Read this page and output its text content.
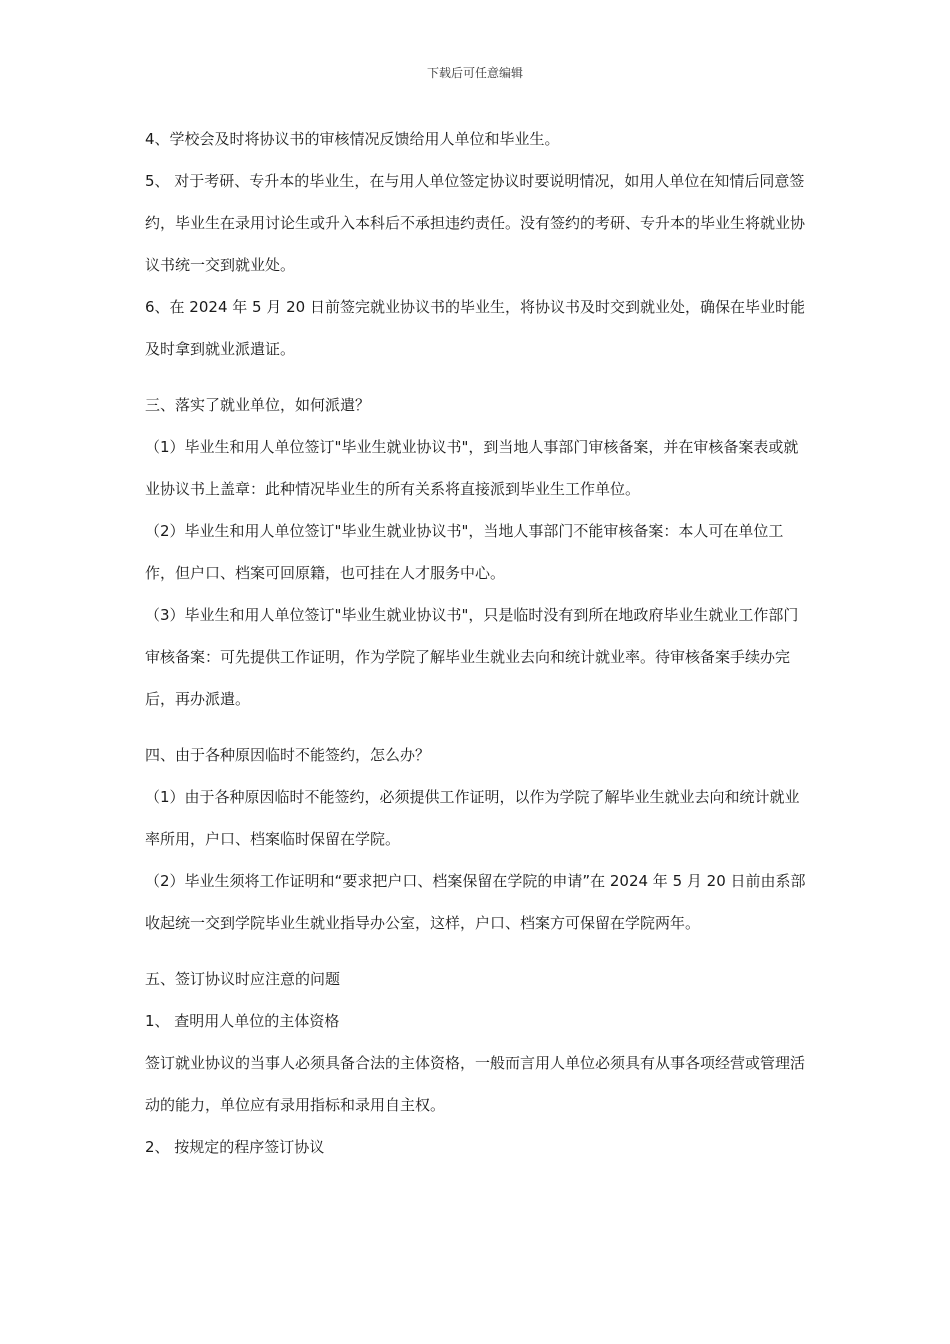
下载后可任意编辑

4、学校会及时将协议书的审核情况反馈给用人单位和毕业生。

5、 对于考研、专升本的毕业生，在与用人单位签定协议时要说明情况，如用人单位在知情后同意签约，毕业生在录用讨论生或升入本科后不承担违约责任。没有签约的考研、专升本的毕业生将就业协议书统一交到就业处。

6、在 2024 年 5 月 20 日前签完就业协议书的毕业生，将协议书及时交到就业处，确保在毕业时能及时拿到就业派遣证。

三、落实了就业单位，如何派遣？

（1）毕业生和用人单位签订"毕业生就业协议书"，到当地人事部门审核备案，并在审核备案表或就业协议书上盖章：此种情况毕业生的所有关系将直接派到毕业生工作单位。

（2）毕业生和用人单位签订"毕业生就业协议书"，当地人事部门不能审核备案：本人可在单位工作，但户口、档案可回原籍，也可挂在人才服务中心。

（3）毕业生和用人单位签订"毕业生就业协议书"，只是临时没有到所在地政府毕业生就业工作部门审核备案：可先提供工作证明，作为学院了解毕业生就业去向和统计就业率。待审核备案手续办完后，再办派遣。

四、由于各种原因临时不能签约，怎么办？

（1）由于各种原因临时不能签约，必须提供工作证明，以作为学院了解毕业生就业去向和统计就业率所用，户口、档案临时保留在学院。

（2）毕业生须将工作证明和“要求把户口、档案保留在学院的申请”在 2024 年 5 月 20 日前由系部收起统一交到学院毕业生就业指导办公室，这样，户口、档案方可保留在学院两年。

五、签订协议时应注意的问题

1、 查明用人单位的主体资格

签订就业协议的当事人必须具备合法的主体资格，一般而言用人单位必须具有从事各项经营或管理活动的能力，单位应有录用指标和录用自主权。

2、 按规定的程序签订协议
